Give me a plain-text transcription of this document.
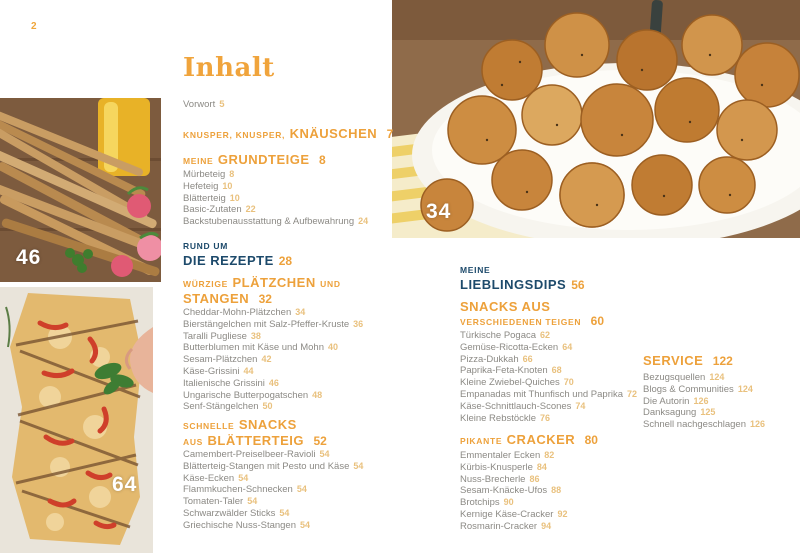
2
34
46
64
Inhalt
Vorwort 5
KNUSPER, KNUSPER, KNÄUSCHEN 7
MEINE GRUNDTEIGE 8
Mürbeteig 8
Hefeteig 10
Blätterteig 10
Basic-Zutaten 22
Backstubenausstattung & Aufbewahrung 24
RUND UM
DIE REZEPTE 28
WÜRZIGE PLÄTZCHEN UND
STANGEN 32
Cheddar-Mohn-Plätzchen 34
Bierstängelchen mit Salz-Pfeffer-Kruste 36
Taralli Pugliese 38
Butterblumen mit Käse und Mohn 40
Sesam-Plätzchen 42
Käse-Grissini 44
Italienische Grissini 46
Ungarische Butterpogatschen 48
Senf-Stängelchen 50
SCHNELLE SNACKS
AUS BLÄTTERTEIG 52
Camembert-Preiselbeer-Ravioli 54
Blätterteig-Stangen mit Pesto und Käse 54
Käse-Ecken 54
Flammkuchen-Schnecken 54
Tomaten-Taler 54
Schwarzwälder Sticks 54
Griechische Nuss-Stangen 54
MEINE
LIEBLINGSDIPS 56
SNACKS AUS
VERSCHIEDENEN TEIGEN 60
Türkische Pogaca 62
Gemüse-Ricotta-Ecken 64
Pizza-Dukkah 66
Paprika-Feta-Knoten 68
Kleine Zwiebel-Quiches 70
Empanadas mit Thunfisch und Paprika 72
Käse-Schnittlauch-Scones 74
Kleine Rebstöckle 76
PIKANTE CRACKER 80
Emmentaler Ecken 82
Kürbis-Knusperle 84
Nuss-Brecherle 86
Sesam-Knäcke-Ufos 88
Brotchips 90
Kernige Käse-Cracker 92
Rosmarin-Cracker 94
SERVICE 122
Bezugsquellen 124
Blogs & Communities 124
Die Autorin 126
Danksagung 125
Schnell nachgeschlagen 126
